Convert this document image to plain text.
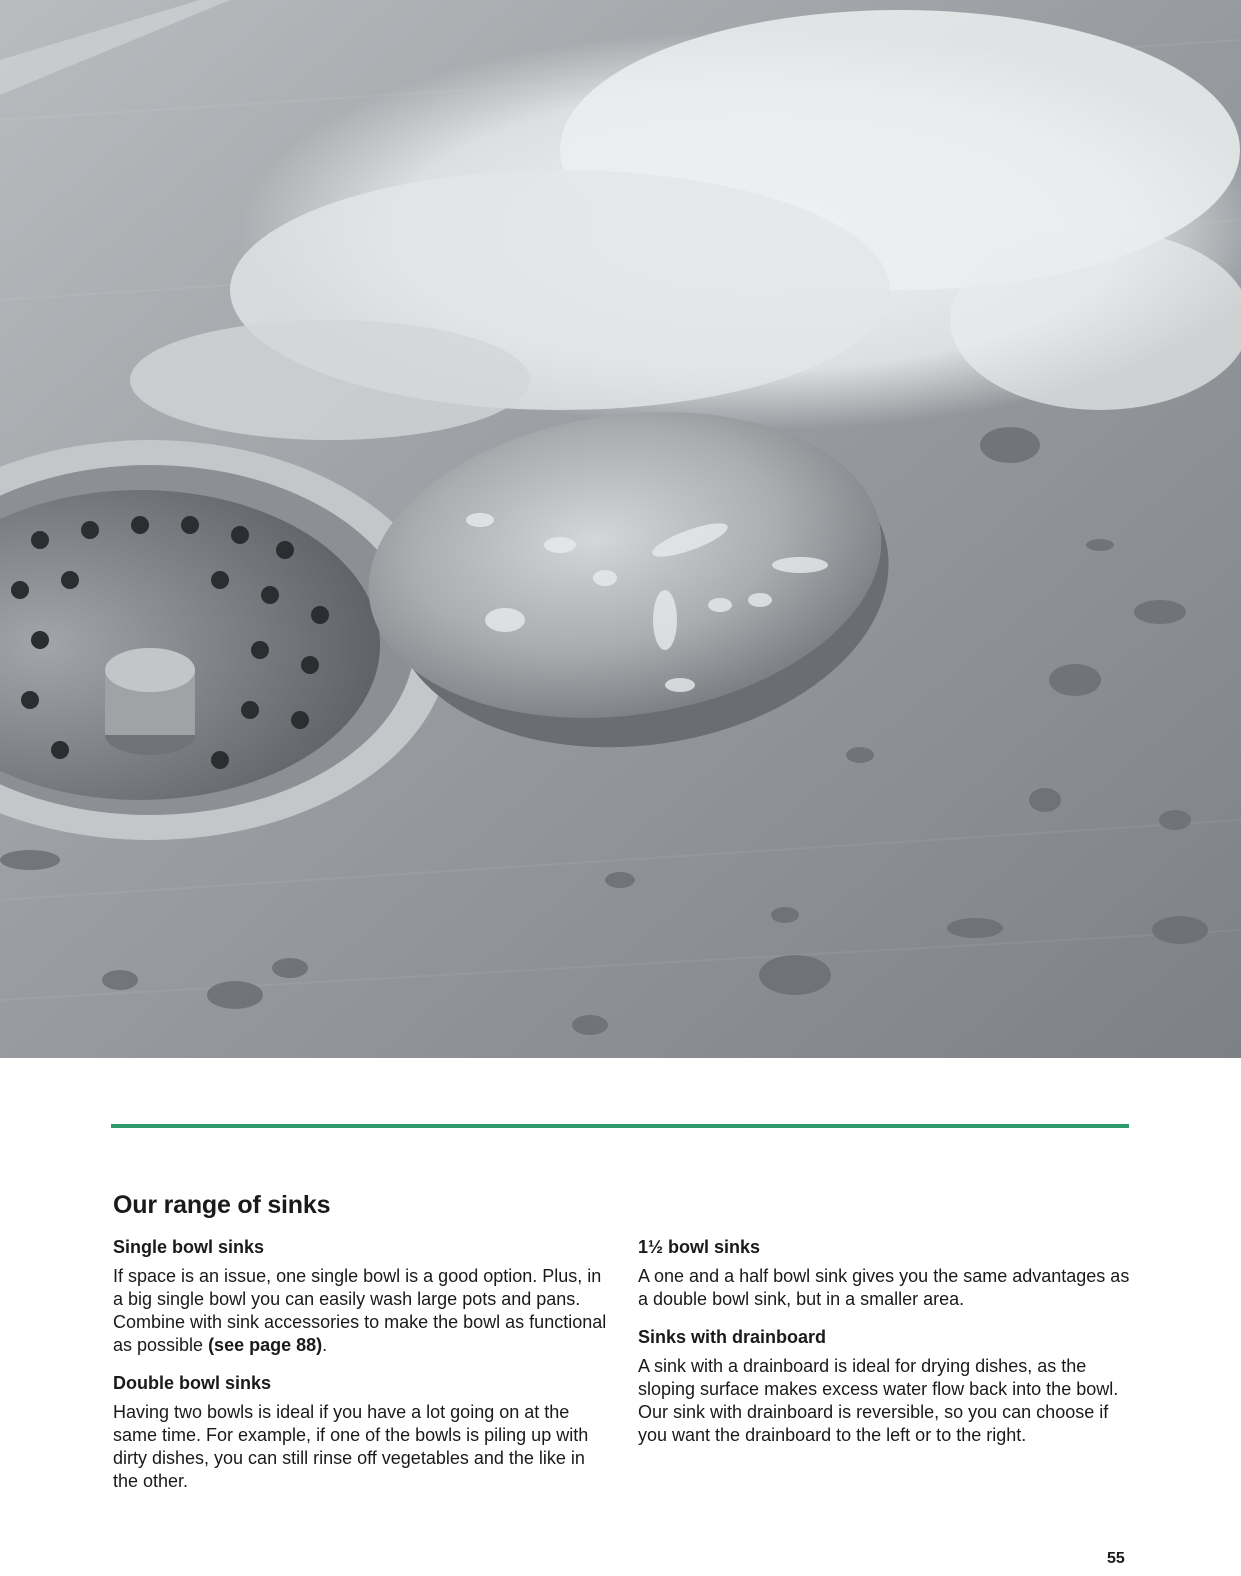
Our range of sinks
Single bowl sinks

If space is an issue, one single bowl is a good option. Plus, in a big single bowl you can easily wash large pots and pans. Combine with sink accessories to make the bowl as functional as possible (see page 88).

Double bowl sinks

Having two bowls is ideal if you have a lot going on at the same time. For example, if one of the bowls is piling up with dirty dishes, you can still rinse off vegetables and the like in the other.

1½ bowl sinks

A one and a half bowl sink gives you the same advantages as a double bowl sink, but in a smaller area.

Sinks with drainboard

A sink with a drainboard is ideal for drying dishes, as the sloping surface makes excess water flow back into the bowl. Our sink with drainboard is reversible, so you can choose if you want the drainboard to the left or to the right.

55
